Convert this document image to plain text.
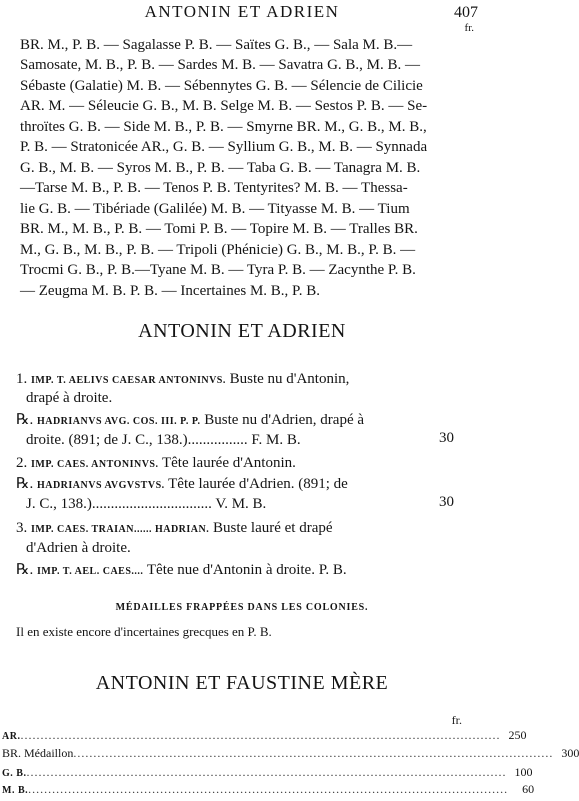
ANTONIN ET ADRIEN	407
fr.
BR. M., P. B. — Sagalasse P. B. — Saïtes G. B., — Sala M. B.—
Samosate, M. B., P. B. — Sardes M. B. — Savatra G. B., M. B. —
Sébaste (Galatie) M. B. — Sébennytes G. B. — Sélencie de Cilicie
AR. M. — Séleucie G. B., M. B. Selge M. B. — Sestos P. B. — Se-
throïtes G. B. — Side M. B., P. B. — Smyrne BR. M., G. B., M. B.,
P. B. — Stratonicée AR., G. B. — Syllium G. B., M. B. — Synnada
G. B., M. B. — Syros M. B., P. B. — Taba G. B. — Tanagra M. B.
—Tarse M. B., P. B. — Tenos P. B. Tentyrites? M. B. — Thessa-
lie G. B. — Tibériade (Galilée) M. B. — Tityasse M. B. — Tium
BR. M., M. B., P. B. — Tomi P. B. — Topire M. B. — Tralles BR.
M., G. B., M. B., P. B. — Tripoli (Phénicie) G. B., M. B., P. B. —
Trocmi G. B., P. B.—Tyane M. B. — Tyra P. B. — Zacynthe P. B.
— Zeugma M. B. P. B. — Incertaines M. B., P. B.
ANTONIN ET ADRIEN
1. IMP. T. AELIVS CAESAR ANTONINVS. Buste nu d'Antonin,
drapé à droite.
℞. HADRIANVS AVG. COS. III. P. P. Buste nu d'Adrien, drapé à
droite. (891; de J. C., 138.)................ F. M. B.	30
2. IMP. CAES. ANTONINVS. Tête laurée d'Antonin.
℞. HADRIANVS AVGVSTVS. Tête laurée d'Adrien. (891; de
J. C., 138.)................................ V. M. B.	30
3. IMP. CAES. TRAIAN...... HADRIAN. Buste lauré et drapé
d'Adrien à droite.
℞. IMP. T. AEL. CAES.... Tête nue d'Antonin à droite. P. B.
MÉDAILLES FRAPPÉES DANS LES COLONIES.
Il en existe encore d'incertaines grecques en P. B.
ANTONIN ET FAUSTINE MÈRE
fr.
AR. ........................................................................................................................ 250
BR. Médaillon ........................................................................................................................ 300
G. B. ........................................................................................................................ 100
M. B. ........................................................................................................................	60
